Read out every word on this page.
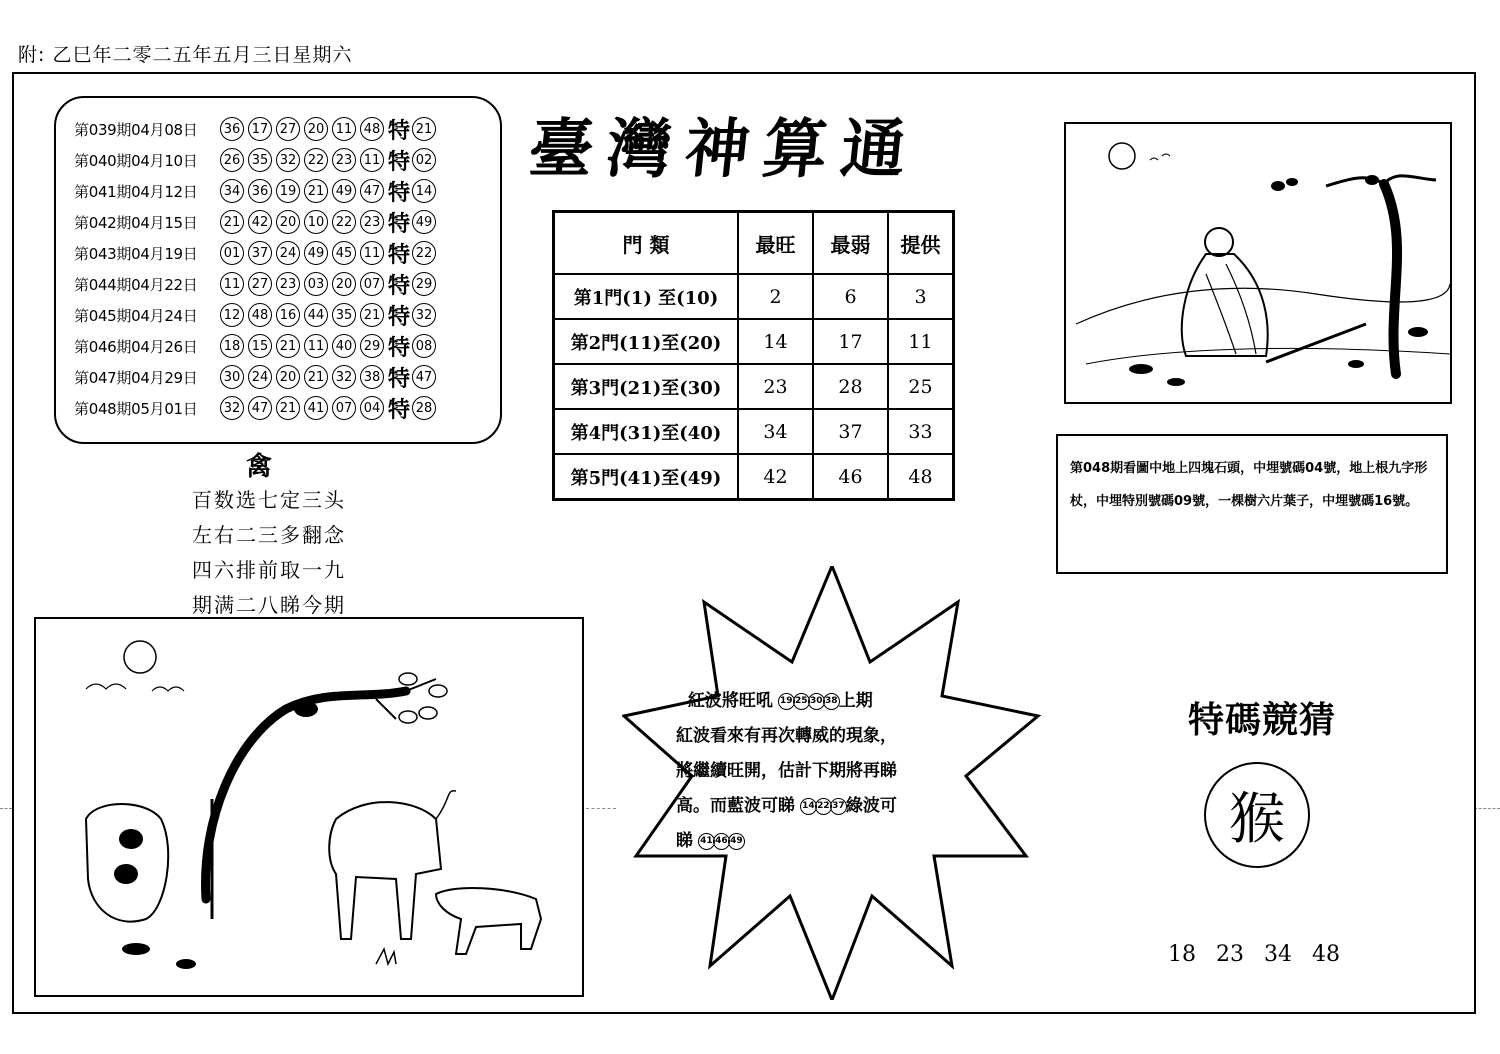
附: 乙巳年二零二五年五月三日星期六
第039期04月08日	36 17 27 20 11 48 特 21
第040期04月10日	26 35 32 22 23 11 特 02
第041期04月12日	34 36 19 21 49 47 特 14
第042期04月15日	21 42 20 10 22 23 特 49
第043期04月19日	01 37 24 49 45 11 特 22
第044期04月22日	11 27 23 03 20 07 特 29
第045期04月24日	12 48 16 44 35 21 特 32
第046期04月26日	18 15 21 11 40 29 特 08
第047期04月29日	30 24 20 21 32 38 特 47
第048期05月01日	32 47 21 41 07 04 特 28
臺灣神算通
門 類	最旺	最弱	提供
第1門(1) 至(10)	2	6	3
第2門(11)至(20)	14	17	11
第3門(21)至(30)	23	28	25
第4門(31)至(40)	34	37	33
第5門(41)至(49)	42	46	48
禽
百数选七定三头
左右二三多翻念
四六排前取一九
期满二八睇今期
第048期看圖中地上四塊石頭，中埋號碼04號，地上根九字形杖，中埋特別號碼09號，一棵樹六片葉子，中埋號碼16號。
紅波將旺吼 19 25 30 38上期
紅波看來有再次轉威的現象，
將繼續旺開，估計下期將再睇
高。而藍波可睇 14 22 37綠波可
睇 41 46 49
特碼競猜
猴
18 23 34 48
